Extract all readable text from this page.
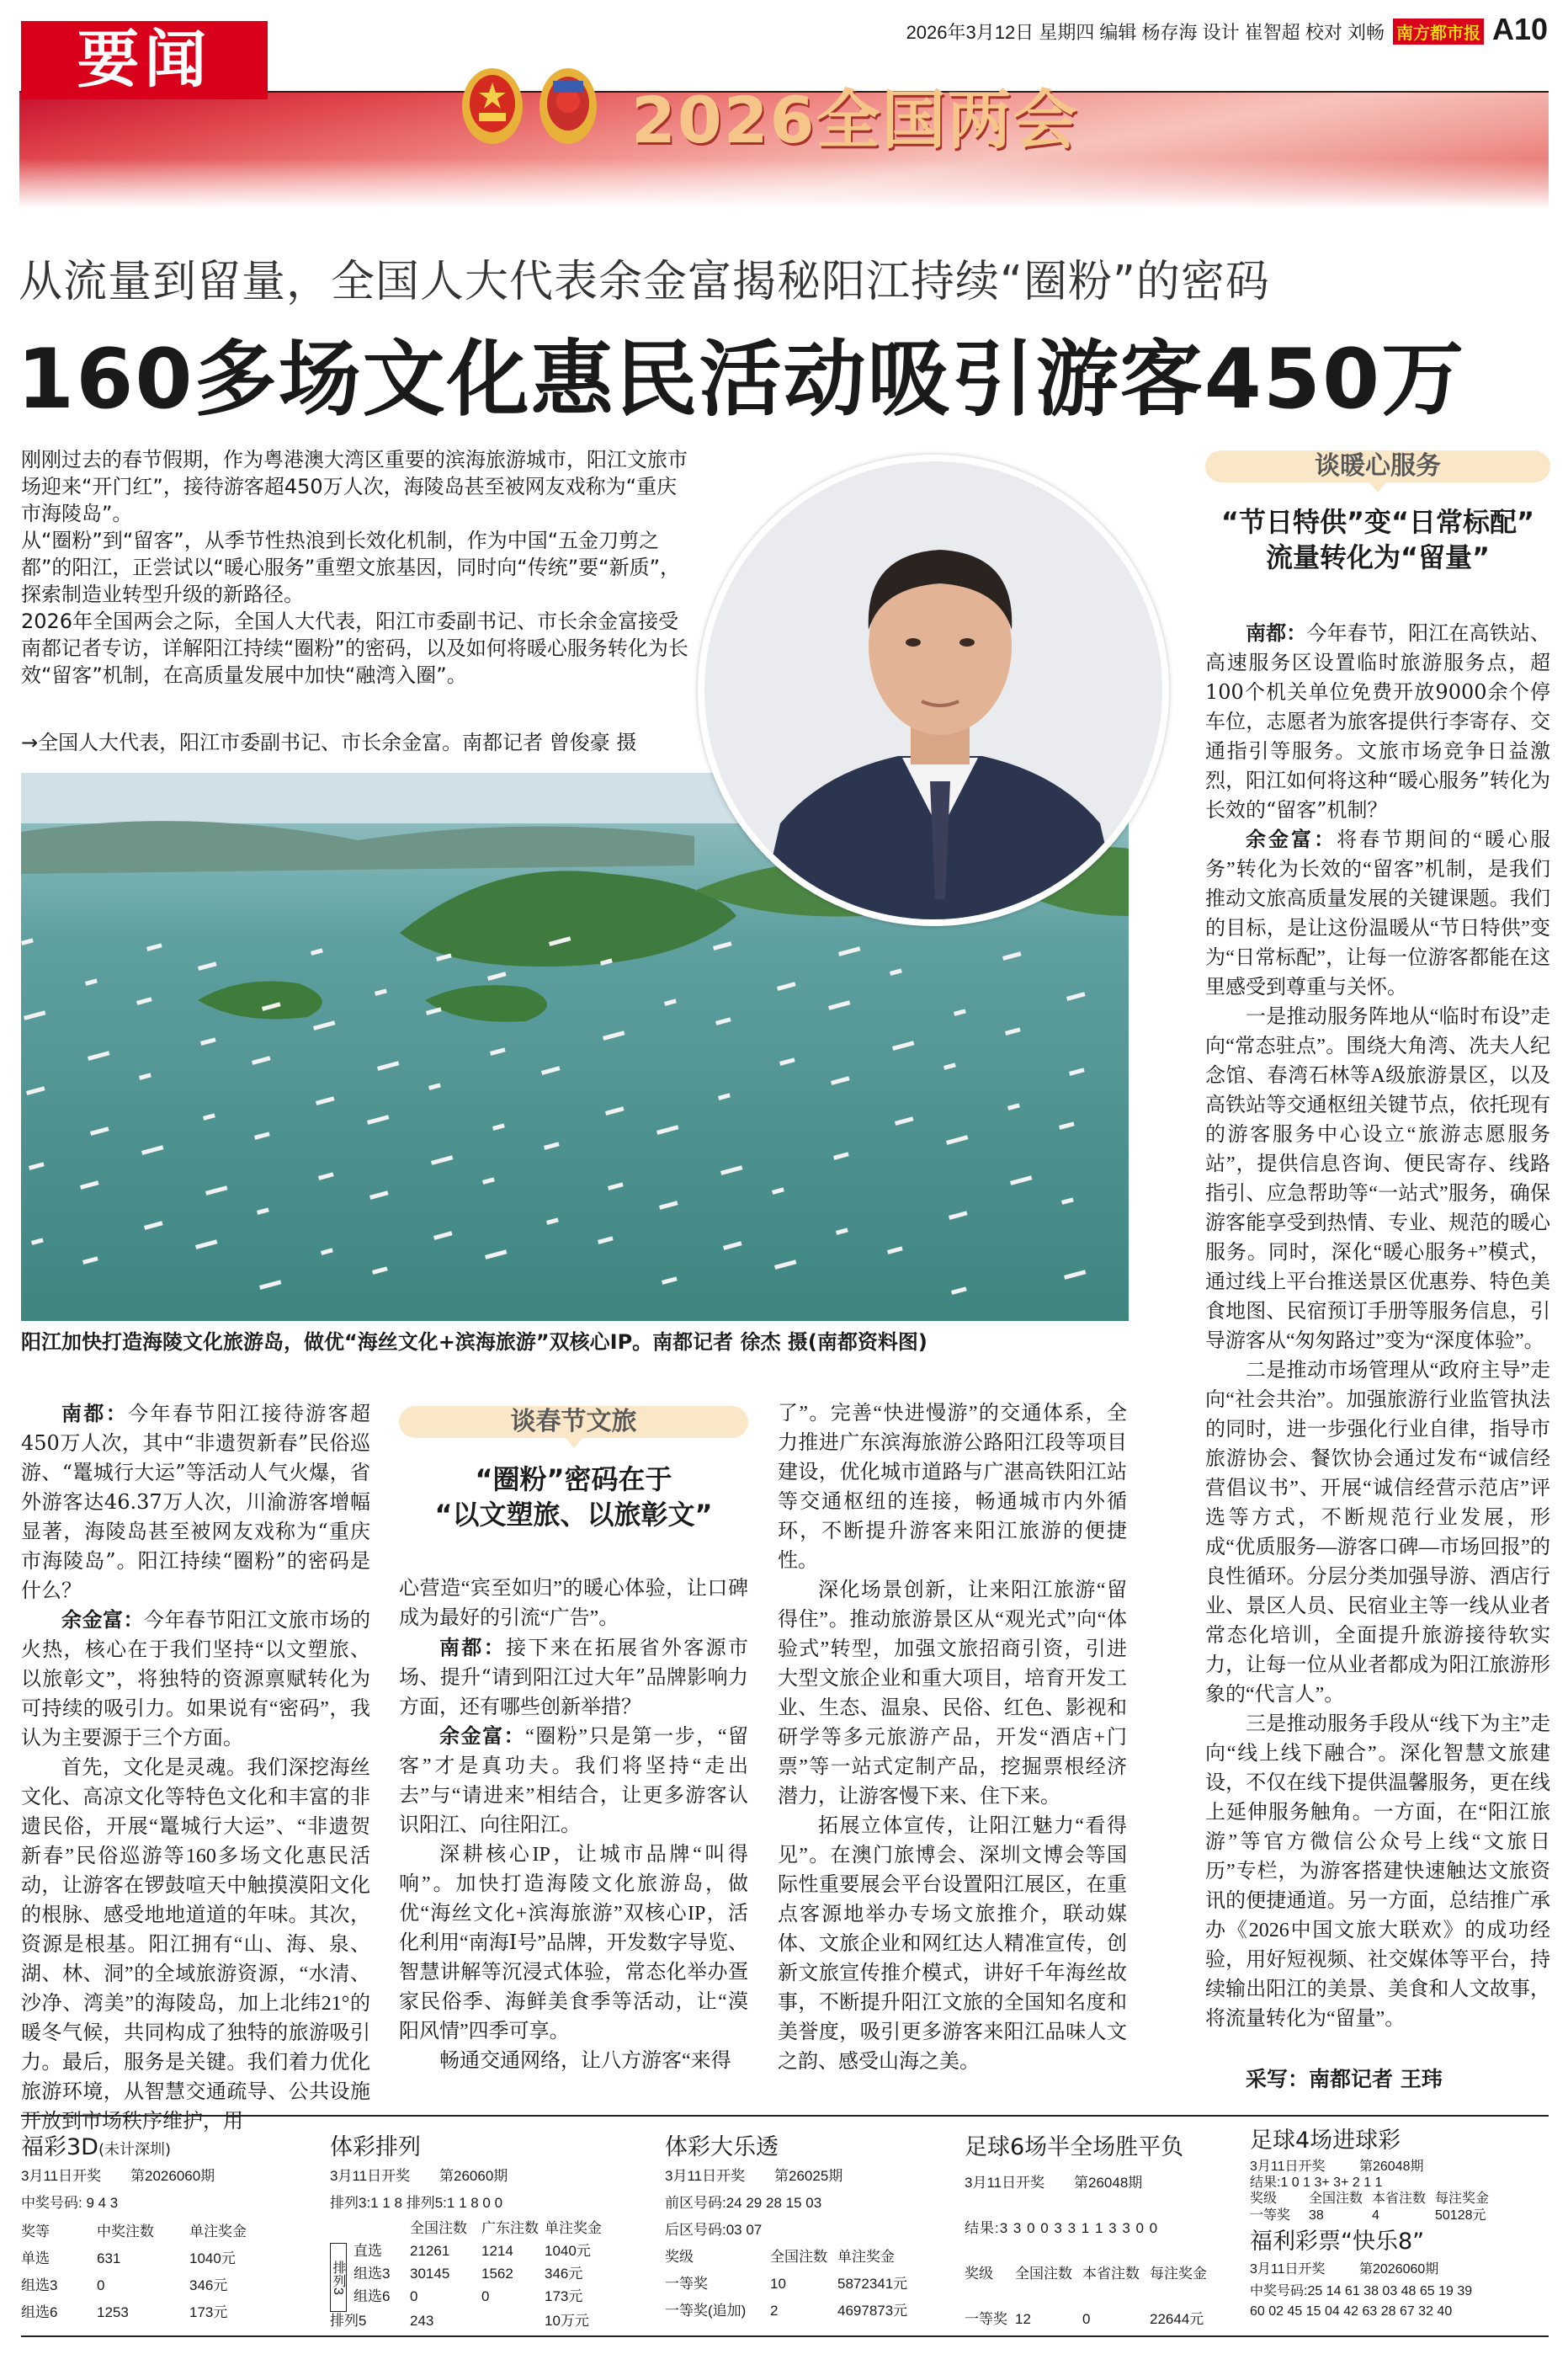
要闻	2026年3月12日 星期四 编辑 杨存海 设计 崔智超 校对 刘畅 南方都市报 A10
2026全国两会
从流量到留量，全国人大代表余金富揭秘阳江持续“圈粉”的密码
160多场文化惠民活动吸引游客450万

刚刚过去的春节假期，作为粤港澳大湾区重要的滨海旅游城市，阳江文旅市场迎来“开门红”，接待游客超450万人次，海陵岛甚至被网友戏称为“重庆市海陵岛”。

从“圈粉”到“留客”，从季节性热浪到长效化机制，作为中国“五金刀剪之都”的阳江，正尝试以“暖心服务”重塑文旅基因，同时向“传统”要“新质”，探索制造业转型升级的新路径。

2026年全国两会之际，全国人大代表，阳江市委副书记、市长余金富接受南都记者专访，详解阳江持续“圈粉”的密码，以及如何将暖心服务转化为长效“留客”机制，在高质量发展中加快“融湾入圈”。

→全国人大代表，阳江市委副书记、市长余金富。南都记者 曾俊豪 摄
阳江加快打造海陵文化旅游岛，做优“海丝文化+滨海旅游”双核心IP。南都记者 徐杰 摄(南都资料图)

南都：今年春节阳江接待游客超450万人次，其中“非遗贺新春”民俗巡游、“鼍城行大运”等活动人气火爆，省外游客达46.37万人次，川渝游客增幅显著，海陵岛甚至被网友戏称为“重庆市海陵岛”。阳江持续“圈粉”的密码是什么？

余金富：今年春节阳江文旅市场的火热，核心在于我们坚持“以文塑旅、以旅彰文”，将独特的资源禀赋转化为可持续的吸引力。如果说有“密码”，我认为主要源于三个方面。

首先，文化是灵魂。我们深挖海丝文化、高凉文化等特色文化和丰富的非遗民俗，开展“鼍城行大运”、“非遗贺新春”民俗巡游等160多场文化惠民活动，让游客在锣鼓喧天中触摸漠阳文化的根脉、感受地地道道的年味。其次，资源是根基。阳江拥有“山、海、泉、湖、林、洞”的全域旅游资源，“水清、沙净、湾美”的海陵岛，加上北纬21°的暖冬气候，共同构成了独特的旅游吸引力。最后，服务是关键。我们着力优化旅游环境，从智慧交通疏导、公共设施开放到市场秩序维护，用

谈春节文旅
“圈粉”密码在于
“以文塑旅、以旅彰文”

心营造“宾至如归”的暖心体验，让口碑成为最好的引流“广告”。

南都：接下来在拓展省外客源市场、提升“请到阳江过大年”品牌影响力方面，还有哪些创新举措？

余金富：“圈粉”只是第一步，“留客”才是真功夫。我们将坚持“走出去”与“请进来”相结合，让更多游客认识阳江、向往阳江。

深耕核心IP，让城市品牌“叫得响”。加快打造海陵文化旅游岛，做优“海丝文化+滨海旅游”双核心IP，活化利用“南海Ⅰ号”品牌，开发数字导览、智慧讲解等沉浸式体验，常态化举办疍家民俗季、海鲜美食季等活动，让“漠阳风情”四季可享。

畅通交通网络，让八方游客“来得

了”。完善“快进慢游”的交通体系，全力推进广东滨海旅游公路阳江段等项目建设，优化城市道路与广湛高铁阳江站等交通枢纽的连接，畅通城市内外循环，不断提升游客来阳江旅游的便捷性。

深化场景创新，让来阳江旅游“留得住”。推动旅游景区从“观光式”向“体验式”转型，加强文旅招商引资，引进大型文旅企业和重大项目，培育开发工业、生态、温泉、民俗、红色、影视和研学等多元旅游产品，开发“酒店+门票”等一站式定制产品，挖掘票根经济潜力，让游客慢下来、住下来。

拓展立体宣传，让阳江魅力“看得见”。在澳门旅博会、深圳文博会等国际性重要展会平台设置阳江展区，在重点客源地举办专场文旅推介，联动媒体、文旅企业和网红达人精准宣传，创新文旅宣传推介模式，讲好千年海丝故事，不断提升阳江文旅的全国知名度和美誉度，吸引更多游客来阳江品味人文之韵、感受山海之美。

谈暖心服务
“节日特供”变“日常标配”
流量转化为“留量”

南都：今年春节，阳江在高铁站、高速服务区设置临时旅游服务点，超100个机关单位免费开放9000余个停车位，志愿者为旅客提供行李寄存、交通指引等服务。文旅市场竞争日益激烈，阳江如何将这种“暖心服务”转化为长效的“留客”机制？

余金富：将春节期间的“暖心服务”转化为长效的“留客”机制，是我们推动文旅高质量发展的关键课题。我们的目标，是让这份温暖从“节日特供”变为“日常标配”，让每一位游客都能在这里感受到尊重与关怀。

一是推动服务阵地从“临时布设”走向“常态驻点”。围绕大角湾、冼夫人纪念馆、春湾石林等A级旅游景区，以及高铁站等交通枢纽关键节点，依托现有的游客服务中心设立“旅游志愿服务站”，提供信息咨询、便民寄存、线路指引、应急帮助等“一站式”服务，确保游客能享受到热情、专业、规范的暖心服务。同时，深化“暖心服务+”模式，通过线上平台推送景区优惠券、特色美食地图、民宿预订手册等服务信息，引导游客从“匆匆路过”变为“深度体验”。

二是推动市场管理从“政府主导”走向“社会共治”。加强旅游行业监管执法的同时，进一步强化行业自律，指导市旅游协会、餐饮协会通过发布“诚信经营倡议书”、开展“诚信经营示范店”评选等方式，不断规范行业发展，形成“优质服务—游客口碑—市场回报”的良性循环。分层分类加强导游、酒店行业、景区人员、民宿业主等一线从业者常态化培训，全面提升旅游接待软实力，让每一位从业者都成为阳江旅游形象的“代言人”。

三是推动服务手段从“线下为主”走向“线上线下融合”。深化智慧文旅建设，不仅在线下提供温馨服务，更在线上延伸服务触角。一方面，在“阳江旅游”等官方微信公众号上线“文旅日历”专栏，为游客搭建快速触达文旅资讯的便捷通道。另一方面，总结推广承办《2026中国文旅大联欢》的成功经验，用好短视频、社交媒体等平台，持续输出阳江的美景、美食和人文故事，将流量转化为“留量”。

采写：南都记者 王玮
福彩3D(未计深圳)
3月11日开奖 第2026060期
中奖号码: 9 4 3
奖等	中奖注数 单注奖金
单选	631	1040元
组选3	0	346元
组选6	1253	173元
体彩排列
3月11日开奖 第26060期
排列3:1 1 8 排列5:1 1 8 0 0
排列3
全国注数 广东注数 单注奖金
直选 21261 1214 1040元
组选3 30145 1562 346元
组选6 0	0	173元
排列5	243	10万元
体彩大乐透
3月11日开奖 第26025期
前区号码:24 29 28 15 03
后区号码:03 07
奖级	全国注数 单注奖金
一等奖	10	5872341元
一等奖(追加) 2	4697873元
足球6场半全场胜平负
3月11日开奖 第26048期
结果:3 3 0 0 3 3 1 1 3 3 0 0
奖级 全国注数 本省注数 每注奖金
一等奖 12	0	22644元
足球4场进球彩
3月11日开奖	第26048期
结果:1 0 1 3+ 3+ 2 1 1
奖级 全国注数 本省注数 每注奖金
一等奖 38	4	50128元
福利彩票“快乐8”
3月11日开奖	第2026060期
中奖号码:25 14 61 38 03 48 65 19 39
60 02 45 15 04 42 63 28 67 32 40
